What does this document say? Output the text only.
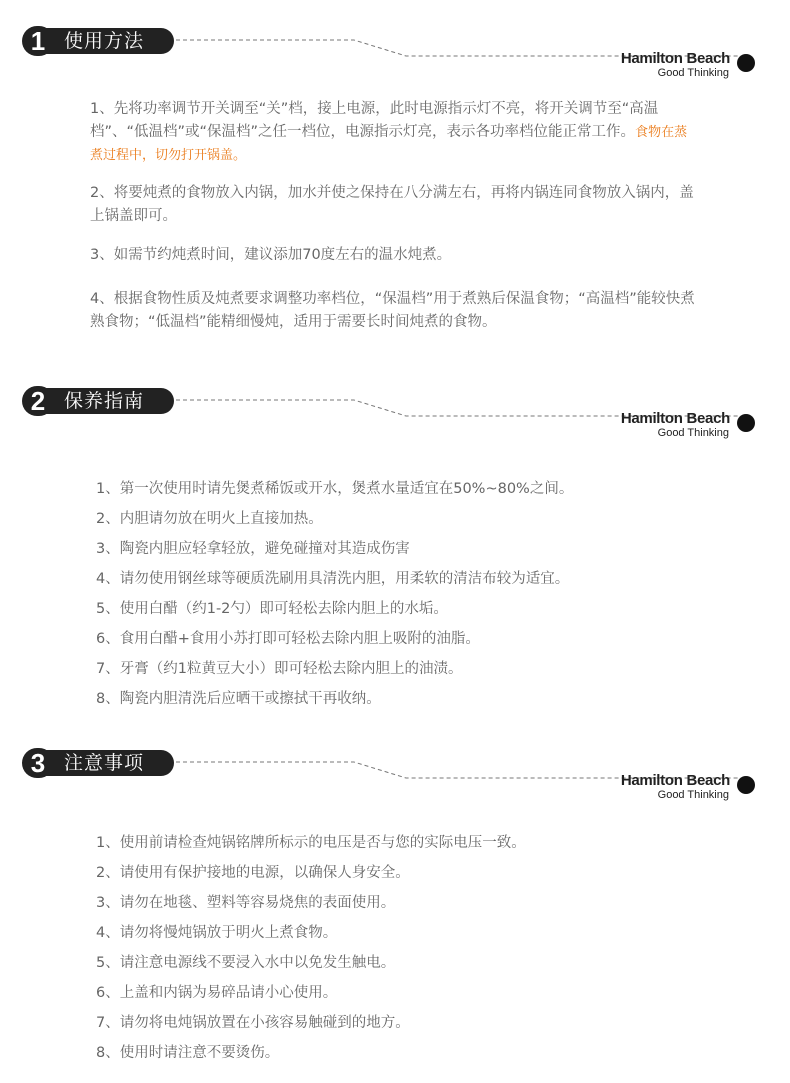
使用方法
1
Hamilton Beach
Good Thinking

1、先将功率调节开关调至“关”档，接上电源，此时电源指示灯不亮，将开关调节至“高温档”、“低温档”或“保温档”之任一档位，电源指示灯亮，表示各功率档位能正常工作。食物在蒸煮过程中，切勿打开锅盖。

2、将要炖煮的食物放入内锅，加水并使之保持在八分满左右，再将内锅连同食物放入锅内，盖上锅盖即可。

3、如需节约炖煮时间，建议添加70度左右的温水炖煮。

4、根据食物性质及炖煮要求调整功率档位，“保温档”用于煮熟后保温食物；“高温档”能较快煮熟食物；“低温档”能精细慢炖，适用于需要长时间炖煮的食物。

保养指南
2
Hamilton Beach
Good Thinking
1、第一次使用时请先煲煮稀饭或开水，煲煮水量适宜在50%~80%之间。
2、内胆请勿放在明火上直接加热。
3、陶瓷内胆应轻拿轻放，避免碰撞对其造成伤害
4、请勿使用钢丝球等硬质洗刷用具清洗内胆，用柔软的清洁布较为适宜。
5、使用白醋（约1-2勺）即可轻松去除内胆上的水垢。
6、食用白醋+食用小苏打即可轻松去除内胆上吸附的油脂。
7、牙膏（约1粒黄豆大小）即可轻松去除内胆上的油渍。
8、陶瓷内胆清洗后应晒干或擦拭干再收纳。
注意事项
3
Hamilton Beach
Good Thinking
1、使用前请检查炖锅铭牌所标示的电压是否与您的实际电压一致。
2、请使用有保护接地的电源，以确保人身安全。
3、请勿在地毯、塑料等容易烧焦的表面使用。
4、请勿将慢炖锅放于明火上煮食物。
5、请注意电源线不要浸入水中以免发生触电。
6、上盖和内锅为易碎品请小心使用。
7、请勿将电炖锅放置在小孩容易触碰到的地方。
8、使用时请注意不要烫伤。
